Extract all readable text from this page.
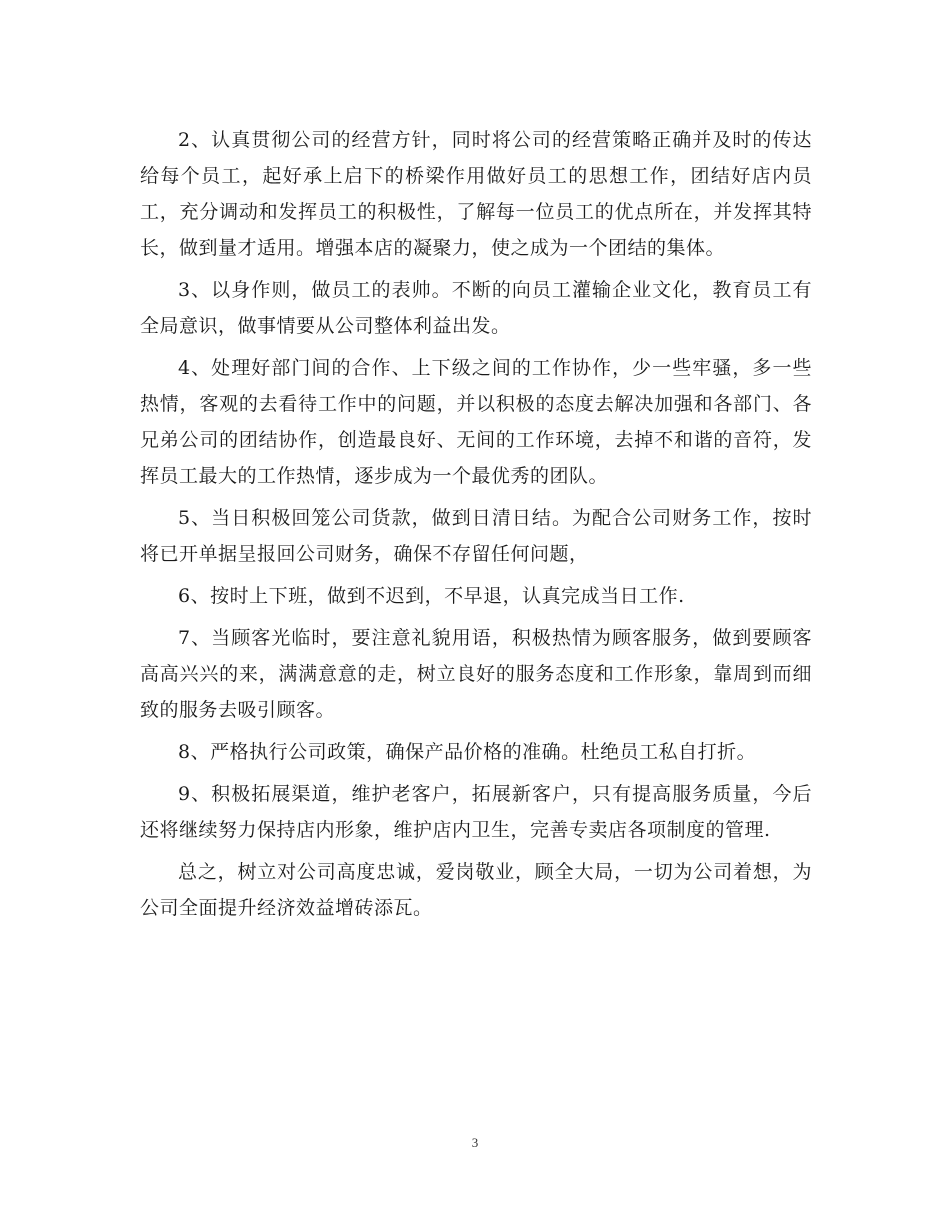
2、认真贯彻公司的经营方针，同时将公司的经营策略正确并及时的传达给每个员工，起好承上启下的桥梁作用做好员工的思想工作，团结好店内员工，充分调动和发挥员工的积极性，了解每一位员工的优点所在，并发挥其特长，做到量才适用。增强本店的凝聚力，使之成为一个团结的集体。

3、以身作则，做员工的表帅。不断的向员工灌输企业文化，教育员工有全局意识，做事情要从公司整体利益出发。

4、处理好部门间的合作、上下级之间的工作协作，少一些牢骚，多一些热情，客观的去看待工作中的问题，并以积极的态度去解决加强和各部门、各兄弟公司的团结协作，创造最良好、无间的工作环境，去掉不和谐的音符，发挥员工最大的工作热情，逐步成为一个最优秀的团队。

5、当日积极回笼公司货款，做到日清日结。为配合公司财务工作，按时将已开单据呈报回公司财务，确保不存留任何问题，

6、按时上下班，做到不迟到，不早退，认真完成当日工作.

7、当顾客光临时，要注意礼貌用语，积极热情为顾客服务，做到要顾客高高兴兴的来，满满意意的走，树立良好的服务态度和工作形象，靠周到而细致的服务去吸引顾客。

8、严格执行公司政策，确保产品价格的准确。杜绝员工私自打折。

9、积极拓展渠道，维护老客户，拓展新客户，只有提高服务质量，今后还将继续努力保持店内形象，维护店内卫生，完善专卖店各项制度的管理.

总之，树立对公司高度忠诚，爱岗敬业，顾全大局，一切为公司着想，为公司全面提升经济效益增砖添瓦。

3
